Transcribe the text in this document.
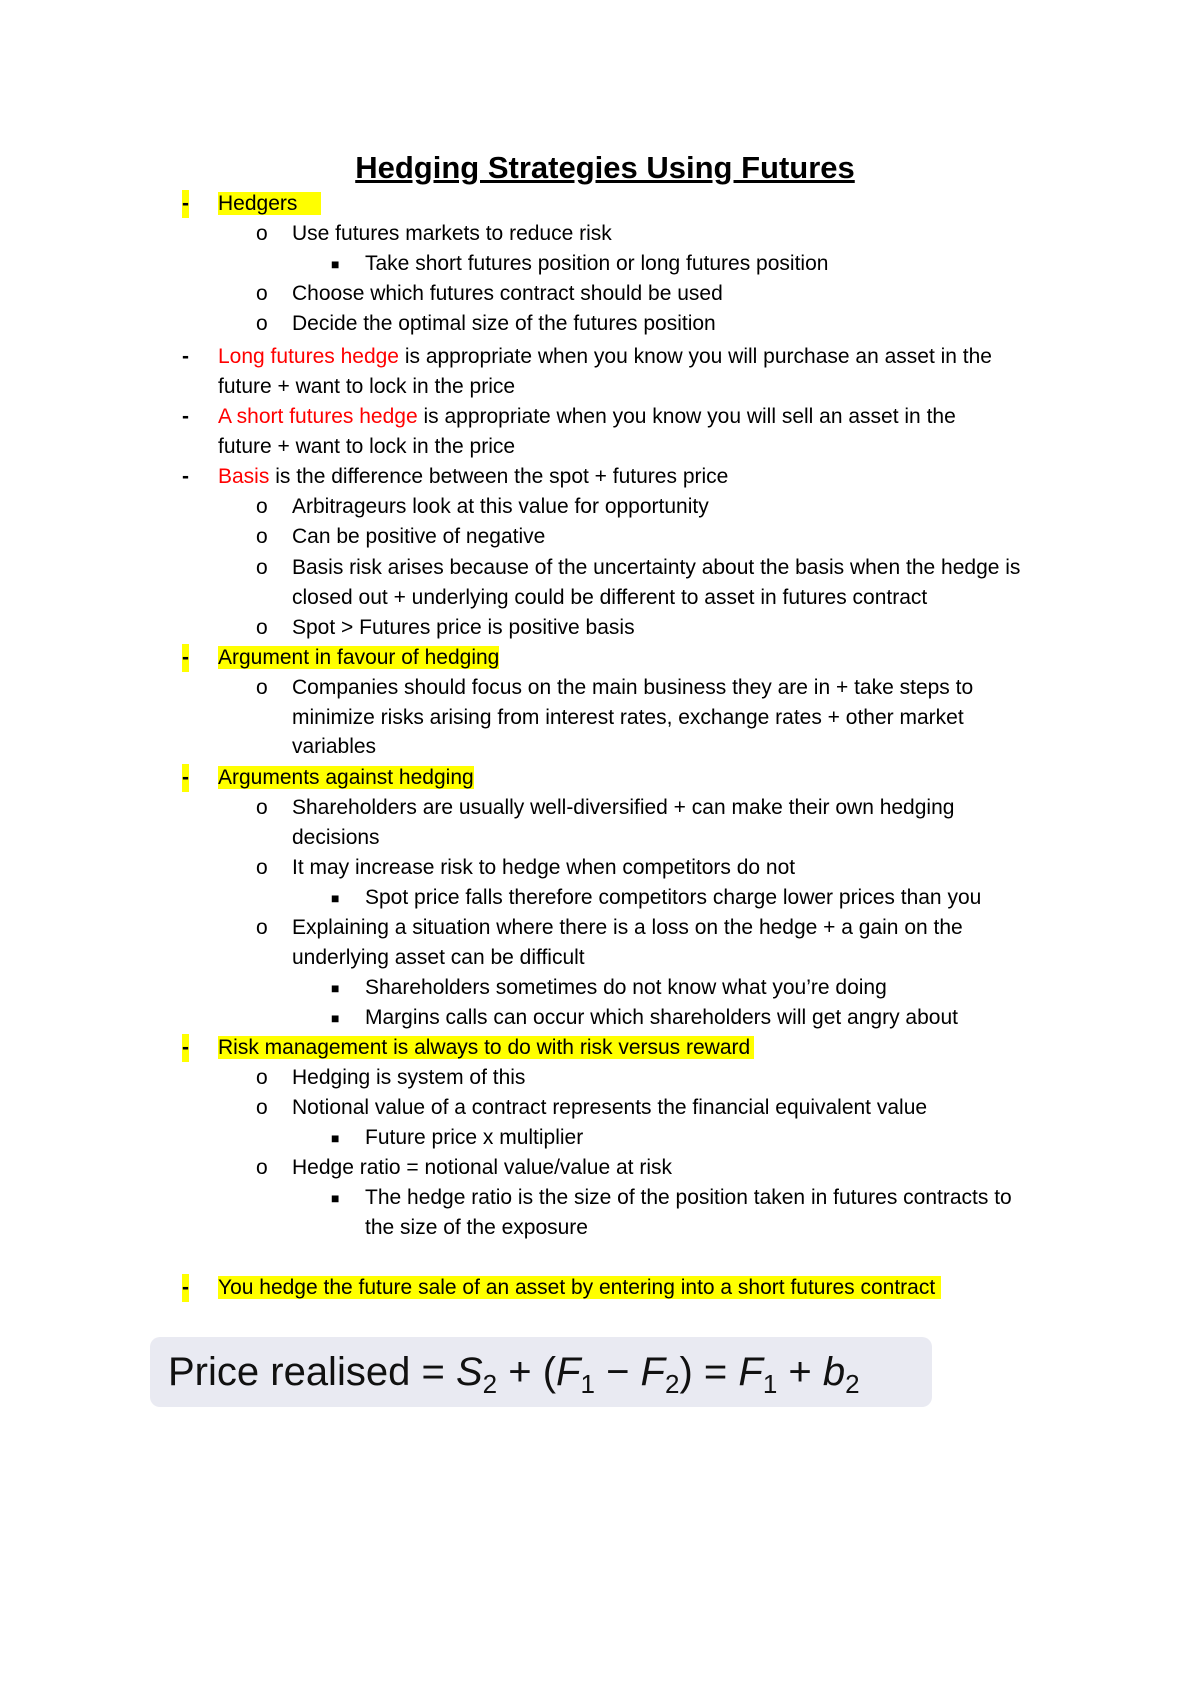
Hedging Strategies Using Futures
- Hedgers
o Use futures markets to reduce risk
■ Take short futures position or long futures position
o Choose which futures contract should be used
o Decide the optimal size of the futures position
- Long futures hedge is appropriate when you know you will purchase an asset in the
future + want to lock in the price
- A short futures hedge is appropriate when you know you will sell an asset in the
future + want to lock in the price
- Basis is the difference between the spot + futures price
o Arbitrageurs look at this value for opportunity
o Can be positive of negative
o Basis risk arises because of the uncertainty about the basis when the hedge is
closed out + underlying could be different to asset in futures contract
o Spot > Futures price is positive basis
- Argument in favour of hedging
o Companies should focus on the main business they are in + take steps to
minimize risks arising from interest rates, exchange rates + other market
variables
- Arguments against hedging
o Shareholders are usually well-diversified + can make their own hedging
decisions
o It may increase risk to hedge when competitors do not
■ Spot price falls therefore competitors charge lower prices than you
o Explaining a situation where there is a loss on the hedge + a gain on the
underlying asset can be difficult
■ Shareholders sometimes do not know what you’re doing
■ Margins calls can occur which shareholders will get angry about
- Risk management is always to do with risk versus reward
o Hedging is system of this
o Notional value of a contract represents the financial equivalent value
■ Future price x multiplier
o Hedge ratio = notional value/value at risk
■ The hedge ratio is the size of the position taken in futures contracts to
the size of the exposure
- You hedge the future sale of an asset by entering into a short futures contract
Price realised = $S_2 + (F_1 - F_2) = F_1 + b_2$
